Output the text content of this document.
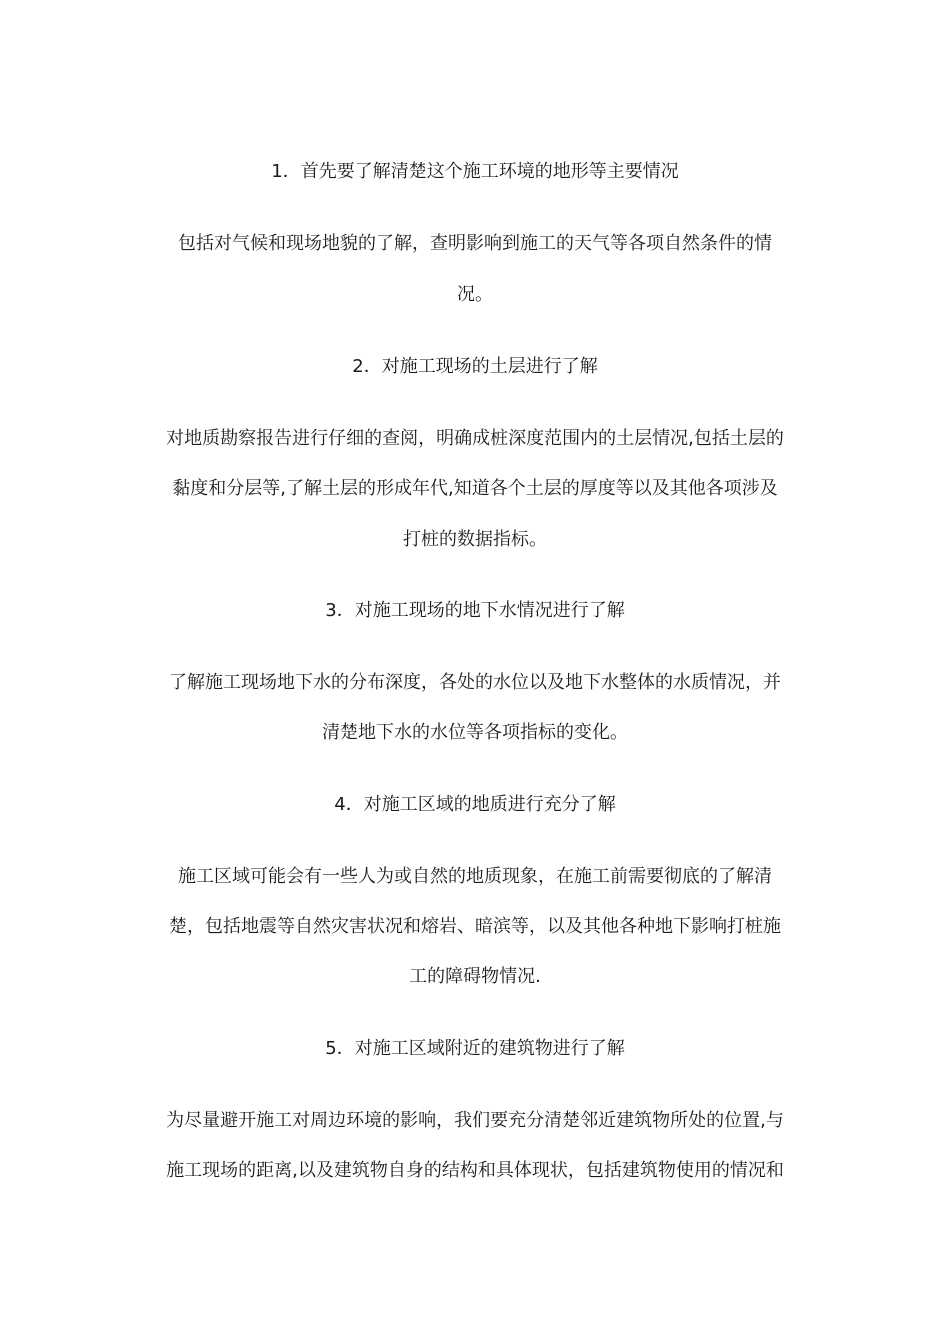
1．首先要了解清楚这个施工环境的地形等主要情况
包括对气候和现场地貌的了解，查明影响到施工的天气等各项自然条件的情
况。
2．对施工现场的土层进行了解
对地质勘察报告进行仔细的查阅，明确成桩深度范围内的土层情况,包括土层的
黏度和分层等,了解土层的形成年代,知道各个土层的厚度等以及其他各项涉及
打桩的数据指标。
3．对施工现场的地下水情况进行了解
了解施工现场地下水的分布深度，各处的水位以及地下水整体的水质情况，并
清楚地下水的水位等各项指标的变化。
4．对施工区域的地质进行充分了解
施工区域可能会有一些人为或自然的地质现象，在施工前需要彻底的了解清
楚，包括地震等自然灾害状况和熔岩、暗滨等，以及其他各种地下影响打桩施
工的障碍物情况.
5．对施工区域附近的建筑物进行了解
为尽量避开施工对周边环境的影响，我们要充分清楚邻近建筑物所处的位置,与
施工现场的距离,以及建筑物自身的结构和具体现状，包括建筑物使用的情况和
